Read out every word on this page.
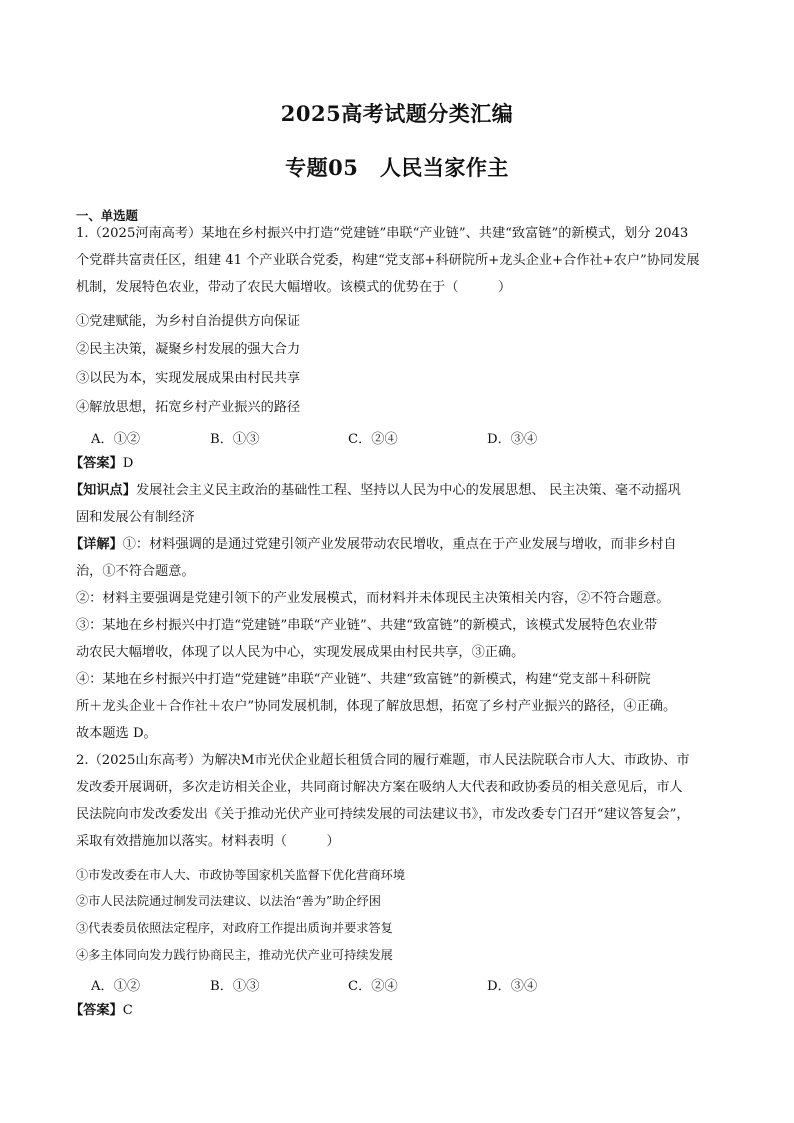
2025高考试题分类汇编
专题05　人民当家作主
一、单选题
1.（2025河南高考）某地在乡村振兴中打造“党建链”串联“产业链”、共建“致富链”的新模式，划分 2043
个党群共富责任区，组建 41 个产业联合党委，构建“党支部+科研院所+龙头企业+合作社+农户”协同发展
机制，发展特色农业，带动了农民大幅增收。该模式的优势在于（　　　）
①党建赋能，为乡村自治提供方向保证
②民主决策，凝聚乡村发展的强大合力
③以民为本，实现发展成果由村民共享
④解放思想，拓宽乡村产业振兴的路径
A．①②	B．①③	C．②④	D．③④
【答案】D
【知识点】发展社会主义民主政治的基础性工程、坚持以人民为中心的发展思想、 民主决策、毫不动摇巩
固和发展公有制经济
【详解】①：材料强调的是通过党建引领产业发展带动农民增收，重点在于产业发展与增收，而非乡村自
治，①不符合题意。
②：材料主要强调是党建引领下的产业发展模式，而材料并未体现民主决策相关内容，②不符合题意。
③：某地在乡村振兴中打造“党建链”串联“产业链”、共建“致富链”的新模式，该模式发展特色农业带
动农民大幅增收，体现了以人民为中心，实现发展成果由村民共享，③正确。
④：某地在乡村振兴中打造“党建链”串联“产业链”、共建“致富链”的新模式，构建“党支部＋科研院
所＋龙头企业＋合作社＋农户”协同发展机制，体现了解放思想，拓宽了乡村产业振兴的路径，④正确。
故本题选 D。
2.（2025山东高考）为解决M市光伏企业超长租赁合同的履行难题，市人民法院联合市人大、市政协、市
发改委开展调研，多次走访相关企业，共同商讨解决方案在吸纳人大代表和政协委员的相关意见后，市人
民法院向市发改委发出《关于推动光伏产业可持续发展的司法建议书》，市发改委专门召开“建议答复会”，
采取有效措施加以落实。材料表明（　　　）
①市发改委在市人大、市政协等国家机关监督下优化营商环境
②市人民法院通过制发司法建议、以法治“善为”助企纾困
③代表委员依照法定程序，对政府工作提出质询并要求答复
④多主体同向发力践行协商民主，推动光伏产业可持续发展
A．①②	B．①③	C．②④	D．③④
【答案】C
